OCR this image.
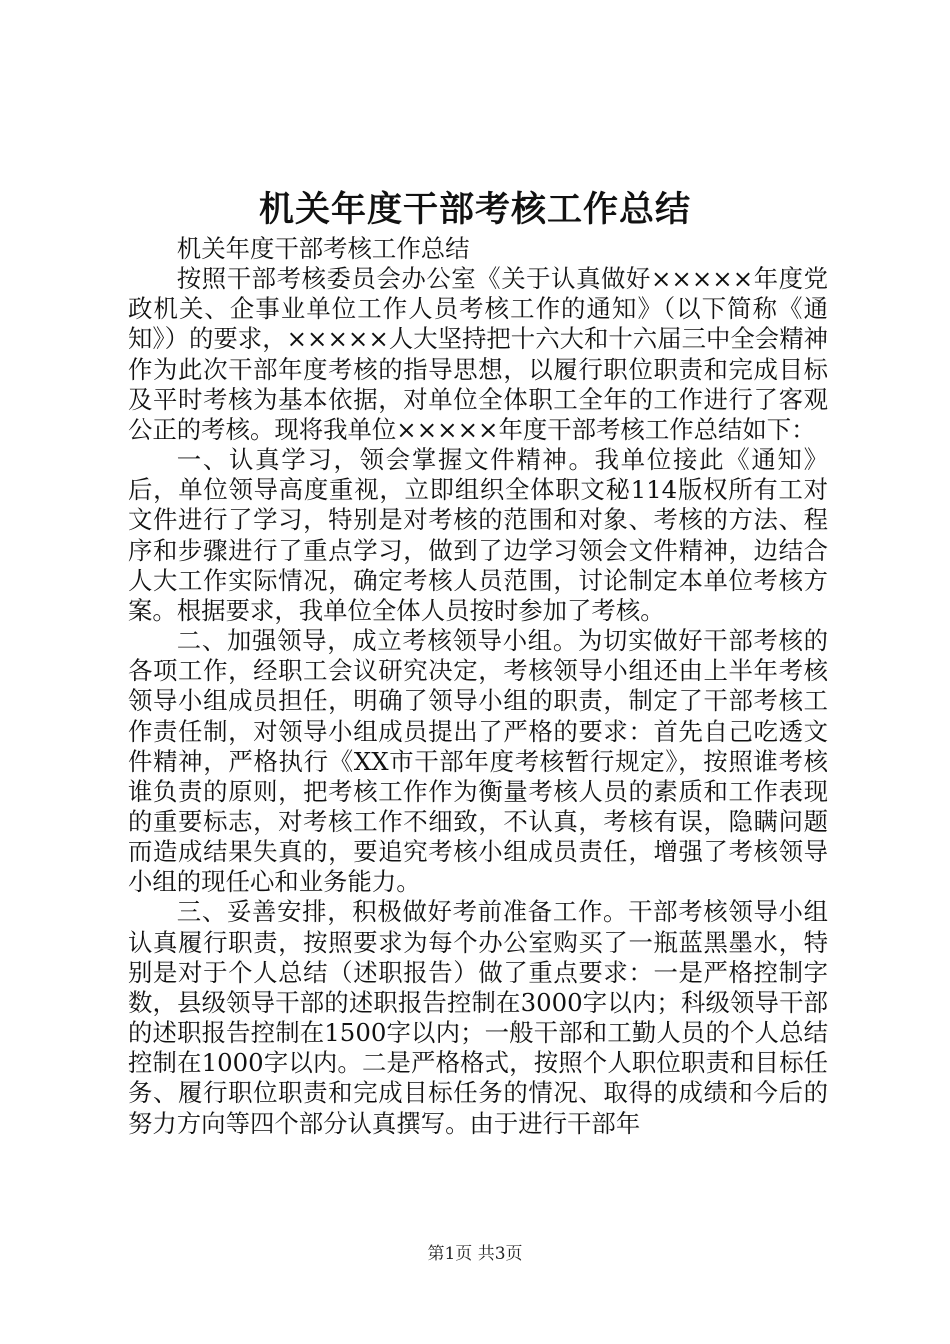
机关年度干部考核工作总结

机关年度干部考核工作总结

按照干部考核委员会办公室《关于认真做好×××××年度党政机关、企事业单位工作人员考核工作的通知》（以下简称《通知》）的要求，×××××人大坚持把十六大和十六届三中全会精神作为此次干部年度考核的指导思想，以履行职位职责和完成目标及平时考核为基本依据，对单位全体职工全年的工作进行了客观公正的考核。现将我单位×××××年度干部考核工作总结如下：

一、认真学习，领会掌握文件精神。我单位接此《通知》后，单位领导高度重视，立即组织全体职文秘114版权所有工对文件进行了学习，特别是对考核的范围和对象、考核的方法、程序和步骤进行了重点学习，做到了边学习领会文件精神，边结合人大工作实际情况，确定考核人员范围，讨论制定本单位考核方案。根据要求，我单位全体人员按时参加了考核。

二、加强领导，成立考核领导小组。为切实做好干部考核的各项工作，经职工会议研究决定，考核领导小组还由上半年考核领导小组成员担任，明确了领导小组的职责，制定了干部考核工作责任制，对领导小组成员提出了严格的要求：首先自己吃透文件精神，严格执行《XX市干部年度考核暂行规定》，按照谁考核谁负责的原则，把考核工作作为衡量考核人员的素质和工作表现的重要标志，对考核工作不细致，不认真，考核有误，隐瞒问题而造成结果失真的，要追究考核小组成员责任，增强了考核领导小组的现任心和业务能力。

三、妥善安排，积极做好考前准备工作。干部考核领导小组认真履行职责，按照要求为每个办公室购买了一瓶蓝黑墨水，特别是对于个人总结（述职报告）做了重点要求：一是严格控制字数，县级领导干部的述职报告控制在3000字以内；科级领导干部的述职报告控制在1500字以内；一般干部和工勤人员的个人总结控制在1000字以内。二是严格格式，按照个人职位职责和目标任务、履行职位职责和完成目标任务的情况、取得的成绩和今后的努力方向等四个部分认真撰写。由于进行干部年

第1页 共3页
